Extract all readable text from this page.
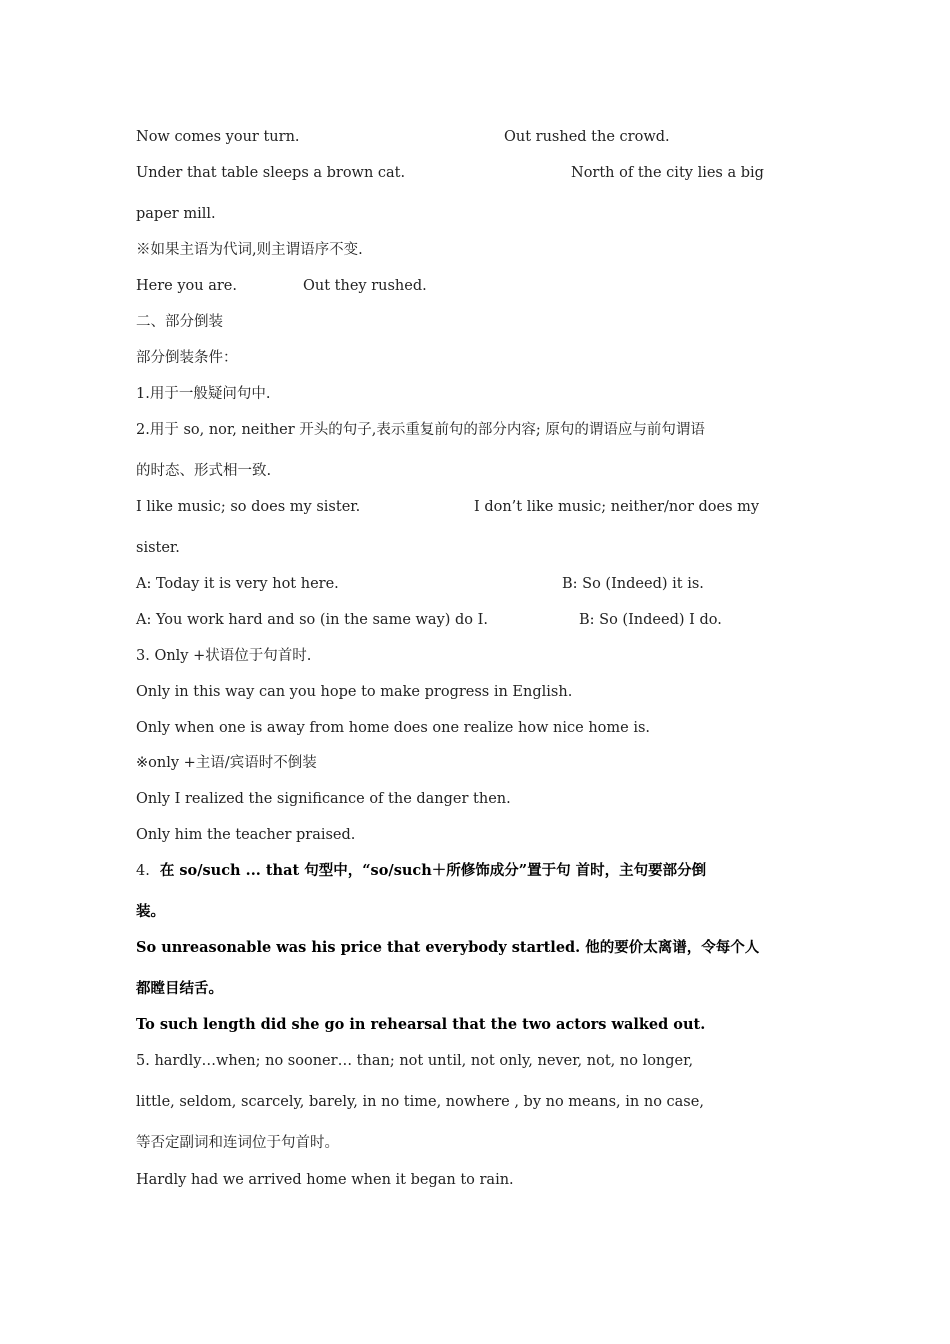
Now comes your turn.	Out rushed the crowd.
Under that table sleeps a brown cat.	North of the city lies a big
paper mill.
※如果主语为代词,则主谓语序不变.
Here you are.	Out they rushed.
二、部分倒装
部分倒装条件：
1.用于一般疑问句中.
2.用于 so, nor, neither 开头的句子,表示重复前句的部分内容; 原句的谓语应与前句谓语
的时态、形式相一致.
I like music; so does my sister.	I don’t like music; neither/nor does my
sister.
A: Today it is very hot here.	B: So (Indeed) it is.
A: You work hard and so (in the same way) do I.	B: So (Indeed) I do.
3. Only +状语位于句首时.
Only in this way can you hope to make progress in English.
Only when one is away from home does one realize how nice home is.
※only +主语/宾语时不倒装
Only I realized the significance of the danger then.
Only him the teacher praised.
4. 在 so/such ... that 句型中，“so/such＋所修饰成分”置于句 首时，主句要部分倒
装。
So unreasonable was his price that everybody startled. 他的要价太离谱，令每个人
都瞠目结舌。
To such length did she go in rehearsal that the two actors walked out.
5. hardly…when; no sooner… than; not until, not only, never, not, no longer,
little, seldom, scarcely, barely, in no time, nowhere , by no means, in no case,
等否定副词和连词位于句首时。
Hardly had we arrived home when it began to rain.
